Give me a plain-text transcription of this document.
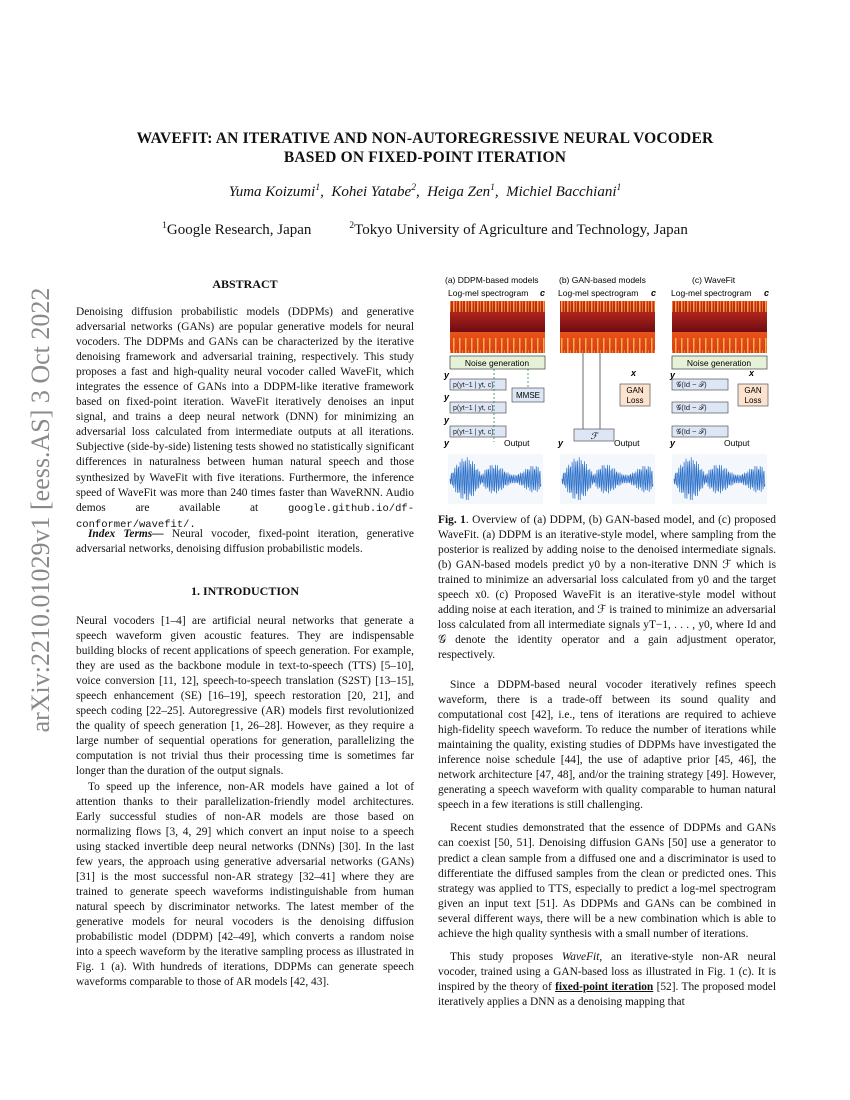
arXiv:2210.01029v1 [eess.AS] 3 Oct 2022
WAVEFIT: AN ITERATIVE AND NON-AUTOREGRESSIVE NEURAL VOCODER
BASED ON FIXED-POINT ITERATION
Yuma Koizumi$^1$,  Kohei Yatabe$^2$,  Heiga Zen$^1$,  Michiel Bacchiani$^1$
$^1$Google Research, Japan	$^2$Tokyo University of Agriculture and Technology, Japan
ABSTRACT
Denoising diffusion probabilistic models (DDPMs) and generative adversarial networks (GANs) are popular generative models for neural vocoders. The DDPMs and GANs can be characterized by the iterative denoising framework and adversarial training, respectively. This study proposes a fast and high-quality neural vocoder called WaveFit, which integrates the essence of GANs into a DDPM-like iterative framework based on fixed-point iteration. WaveFit iteratively denoises an input signal, and trains a deep neural network (DNN) for minimizing an adversarial loss calculated from intermediate outputs at all iterations. Subjective (side-by-side) listening tests showed no statistically significant differences in naturalness between human natural speech and those synthesized by WaveFit with five iterations. Furthermore, the inference speed of WaveFit was more than 240 times faster than WaveRNN. Audio demos are available at	google.github.io/df-conformer/wavefit/.

Index Terms— Neural vocoder, fixed-point iteration, generative adversarial networks, denoising diffusion probabilistic models.

1. INTRODUCTION

Neural vocoders [1–4] are artificial neural networks that generate a speech waveform given acoustic features. They are indispensable building blocks of recent applications of speech generation. For example, they are used as the backbone module in text-to-speech (TTS) [5–10], voice conversion [11, 12], speech-to-speech translation (S2ST) [13–15], speech enhancement (SE) [16–19], speech restoration [20, 21], and speech coding [22–25]. Autoregressive (AR) models first revolutionized the quality of speech generation [1, 26–28]. However, as they require a large number of sequential operations for generation, parallelizing the computation is not trivial thus their processing time is sometimes far longer than the duration of the output signals.

To speed up the inference, non-AR models have gained a lot of attention thanks to their parallelization-friendly model architectures. Early successful studies of non-AR models are those based on normalizing flows [3, 4, 29] which convert an input noise to a speech using stacked invertible deep neural networks (DNNs) [30]. In the last few years, the approach using generative adversarial networks (GANs) [31] is the most successful non-AR strategy [32–41] where they are trained to generate speech waveforms indistinguishable from human natural speech by discriminator networks. The latest member of the generative models for neural vocoders is the denoising diffusion probabilistic model (DDPM) [42–49], which converts a random noise into a speech waveform by the iterative sampling process as illustrated in Fig. 1 (a). With hundreds of iterations, DDPMs can generate speech waveforms comparable to those of AR models [42, 43].

(a) DDPM-based models (b) GAN-based models	(c) WaveFit
Log-mel spectrogram c Log-mel spectrogram c Log-mel spectrogram c
Noise generation	Noise generation
p(yt−1 | yt, c)
p(yt−1 | yt, c)
p(yt−1 | yt, c)
MMSE
y
y
y
y	Output
ℱ
GAN
Loss
x
y	Output
𝒢(Id − ℱ)
𝒢(Id − ℱ)
𝒢(Id − ℱ)
GAN
Loss
x
y
y	Output

Fig. 1. Overview of (a) DDPM, (b) GAN-based model, and (c) proposed WaveFit. (a) DDPM is an iterative-style model, where sampling from the posterior is realized by adding noise to the denoised intermediate signals. (b) GAN-based models predict y0 by a non-iterative DNN ℱ which is trained to minimize an adversarial loss calculated from y0 and the target speech x0. (c) Proposed WaveFit is an iterative-style model without adding noise at each iteration, and ℱ is trained to minimize an adversarial loss calculated from all intermediate signals yT−1, . . . , y0, where Id and 𝒢 denote the identity operator and a gain adjustment operator, respectively.

Since a DDPM-based neural vocoder iteratively refines speech waveform, there is a trade-off between its sound quality and computational cost [42], i.e., tens of iterations are required to achieve high-fidelity speech waveform. To reduce the number of iterations while maintaining the quality, existing studies of DDPMs have investigated the inference noise schedule [44], the use of adaptive prior [45, 46], the network architecture [47, 48], and/or the training strategy [49]. However, generating a speech waveform with quality comparable to human natural speech in a few iterations is still challenging.

Recent studies demonstrated that the essence of DDPMs and GANs can coexist [50, 51]. Denoising diffusion GANs [50] use a generator to predict a clean sample from a diffused one and a discriminator is used to differentiate the diffused samples from the clean or predicted ones. This strategy was applied to TTS, especially to predict a log-mel spectrogram given an input text [51]. As DDPMs and GANs can be combined in several different ways, there will be a new combination which is able to achieve the high quality synthesis with a small number of iterations.

This study proposes WaveFit, an iterative-style non-AR neural vocoder, trained using a GAN-based loss as illustrated in Fig. 1 (c). It is inspired by the theory of fixed-point iteration [52]. The proposed model iteratively applies a DNN as a denoising mapping that
